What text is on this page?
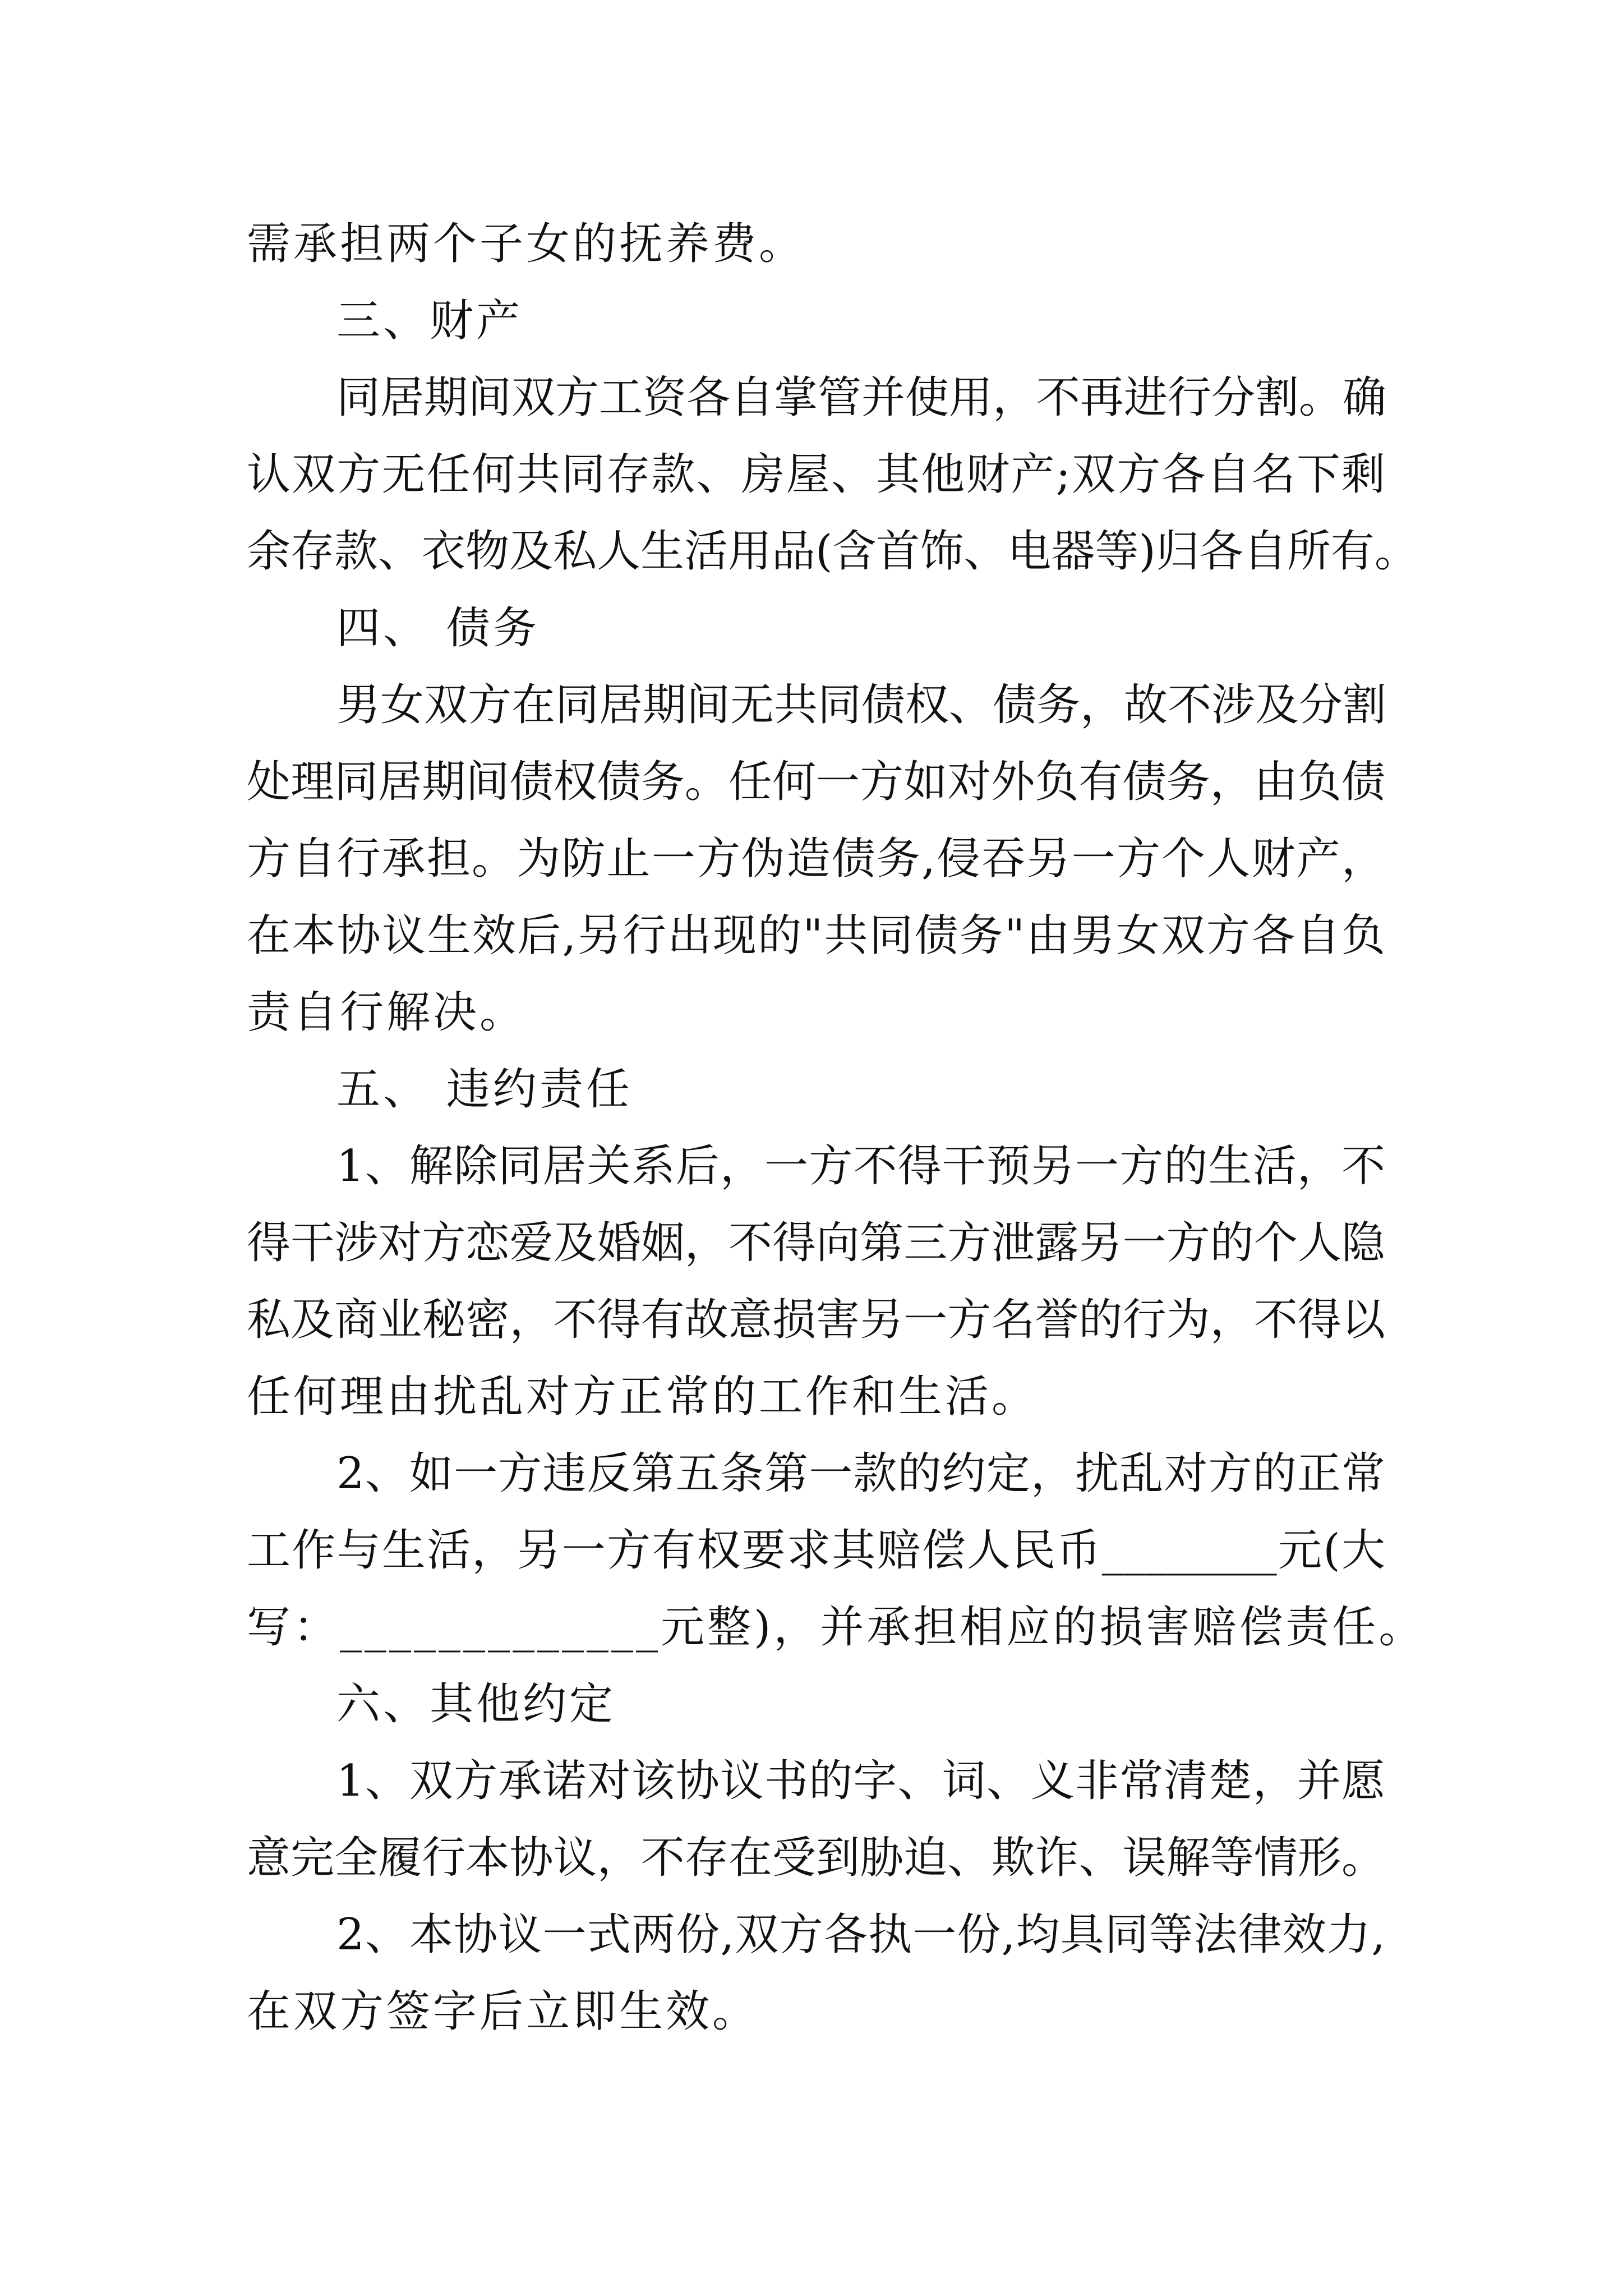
需承担两个子女的抚养费。
三、财产
同居期间双方工资各自掌管并使用，不再进行分割。确
认双方无任何共同存款、房屋、其他财产;双方各自名下剩
余存款、衣物及私人生活用品(含首饰、电器等)归各自所有。
四、 债务
男女双方在同居期间无共同债权、债务，故不涉及分割
处理同居期间债权债务。任何一方如对外负有债务，由负债
方自行承担。为防止一方伪造债务,侵吞另一方个人财产，
在本协议生效后,另行出现的"共同债务"由男女双方各自负
责自行解决。
五、 违约责任
1、解除同居关系后，一方不得干预另一方的生活，不
得干涉对方恋爱及婚姻，不得向第三方泄露另一方的个人隐
私及商业秘密，不得有故意损害另一方名誉的行为，不得以
任何理由扰乱对方正常的工作和生活。
2、如一方违反第五条第一款的约定，扰乱对方的正常
工作与生活，另一方有权要求其赔偿人民币________元(大
写：_____________元整)，并承担相应的损害赔偿责任。
六、其他约定
1、双方承诺对该协议书的字、词、义非常清楚，并愿
意完全履行本协议，不存在受到胁迫、欺诈、误解等情形。
2、本协议一式两份,双方各执一份,均具同等法律效力,
在双方签字后立即生效。
